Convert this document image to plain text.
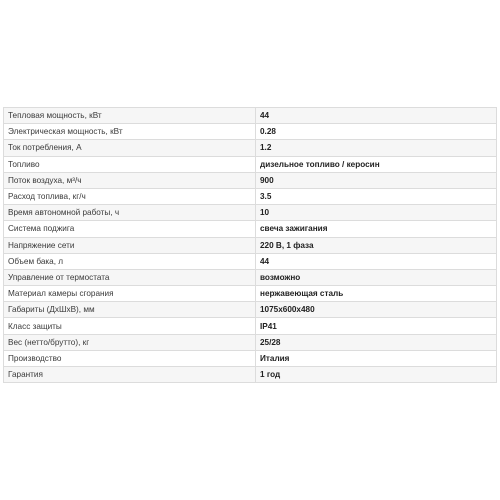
Тепловая мощность, кВт	44
Электрическая мощность, кВт	0.28
Ток потребления, А	1.2
Топливо	дизельное топливо / керосин
Поток воздуха, м³/ч	900
Расход топлива, кг/ч	3.5
Время автономной работы, ч	10
Система поджига	свеча зажигания
Напряжение сети	220 В, 1 фаза
Объем бака, л	44
Управление от термостата	возможно
Материал камеры сгорания	нержавеющая сталь
Габариты (ДхШхВ), мм	1075x600x480
Класс защиты	IP41
Вес (нетто/брутто), кг	25/28
Производство	Италия
Гарантия	1 год
